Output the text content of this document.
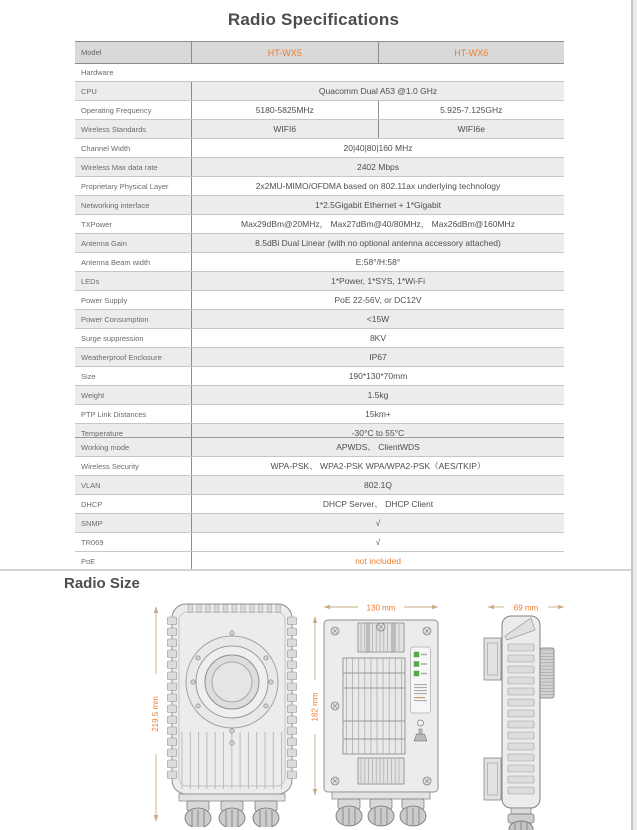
Radio Specifications
Model	HT-WX5	HT-WX6
Hardware
CPU	Quacomm Dual A53 @1.0 GHz
Operating Frequency	5180-5825MHz	5.925-7.125GHz
Wireless Standards	WIFI6	WIFI6e
Channel Width	20|40|80|160 MHz
Wireless Max data rate	2402 Mbps
Proprietary Physical Layer	2x2MU-MIMO/OFDMA based on 802.11ax underlying technology
Networking interface	1*2.5Gigabit Ethernet + 1*Gigabit
TXPower	Max29dBm@20MHz， Max27dBm@40/80MHz， Max26dBm@160MHz
Antenna Gain	8.5dBi Dual Linear (with no optional antenna accessory attached)
Antenna Beam width	E:58°/H:58°
LEDs	1*Power, 1*SYS, 1*Wi-Fi
Power Supply	PoE 22-56V, or DC12V
Power Consumption	<15W
Surge suppression	8KV
Weatherproof Enclosure	IP67
Size	190*130*70mm
Weight	1.5kg
PTP Link Distances	15km+
Temperature	-30°C to 55°C
Working mode	APWDS、 ClientWDS
Wireless Security	WPA-PSK、 WPA2-PSK WPA/WPA2-PSK（AES/TKIP）
VLAN	802.1Q
DHCP	DHCP Server、 DHCP Client
SNMP	√
TR069	√
PoE	not included
Radio Size
219.5 mm
130 mm
182 mm
69 mm
